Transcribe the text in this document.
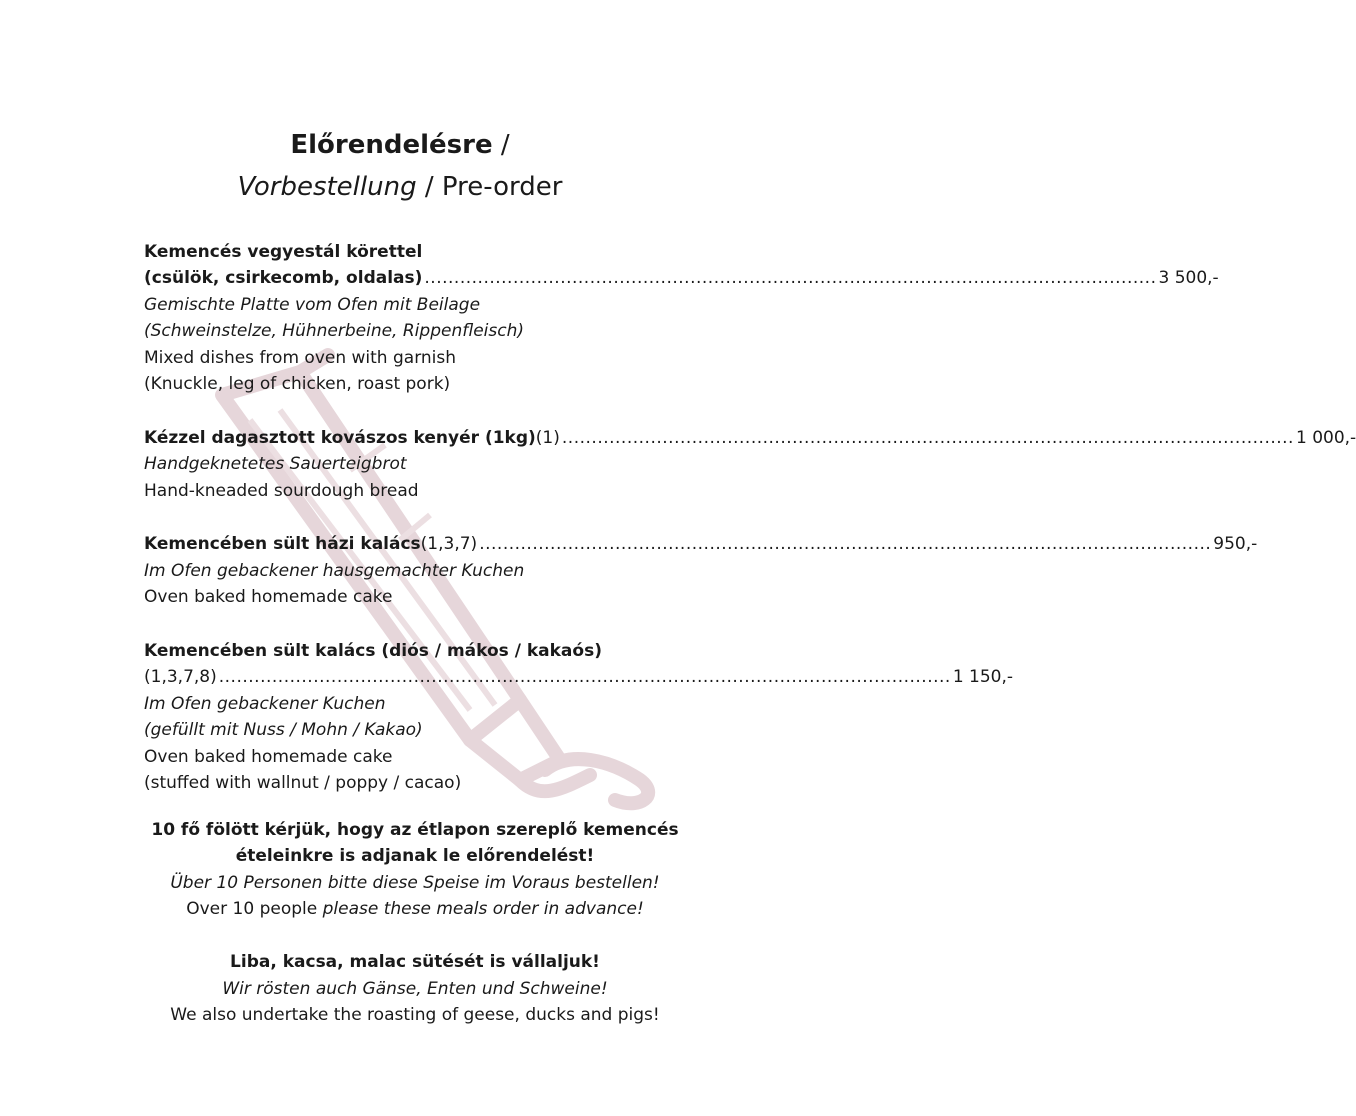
Előrendelésre /
Vorbestellung / Pre-order
Kemencés vegyestál körettel
(csülök, csirkecomb, oldalas) ............................................................................................................................ 3 500,-
Gemischte Platte vom Ofen mit Beilage
(Schweinstelze, Hühnerbeine, Rippenfleisch)
Mixed dishes from oven with garnish
(Knuckle, leg of chicken, roast pork)
Kézzel dagasztott kovászos kenyér (1kg) (1) ............................................................................................................................ 1 000,-
Handgeknetetes Sauerteigbrot
Hand-kneaded sourdough bread
Kemencében sült házi kalács (1,3,7) ............................................................................................................................ 950,-
Im Ofen gebackener hausgemachter Kuchen
Oven baked homemade cake
Kemencében sült kalács (diós / mákos / kakaós)
(1,3,7,8) ............................................................................................................................ 1 150,-
Im Ofen gebackener Kuchen
(gefüllt mit Nuss / Mohn / Kakao)
Oven baked homemade cake
(stuffed with wallnut / poppy / cacao)
10 fő fölött kérjük, hogy az étlapon szereplő kemencés
ételeinkre is adjanak le előrendelést!
Über 10 Personen bitte diese Speise im Voraus bestellen!
Over 10 people please these meals order in advance!
Liba, kacsa, malac sütését is vállaljuk!
Wir rösten auch Gänse, Enten und Schweine!
We also undertake the roasting of geese, ducks and pigs!
